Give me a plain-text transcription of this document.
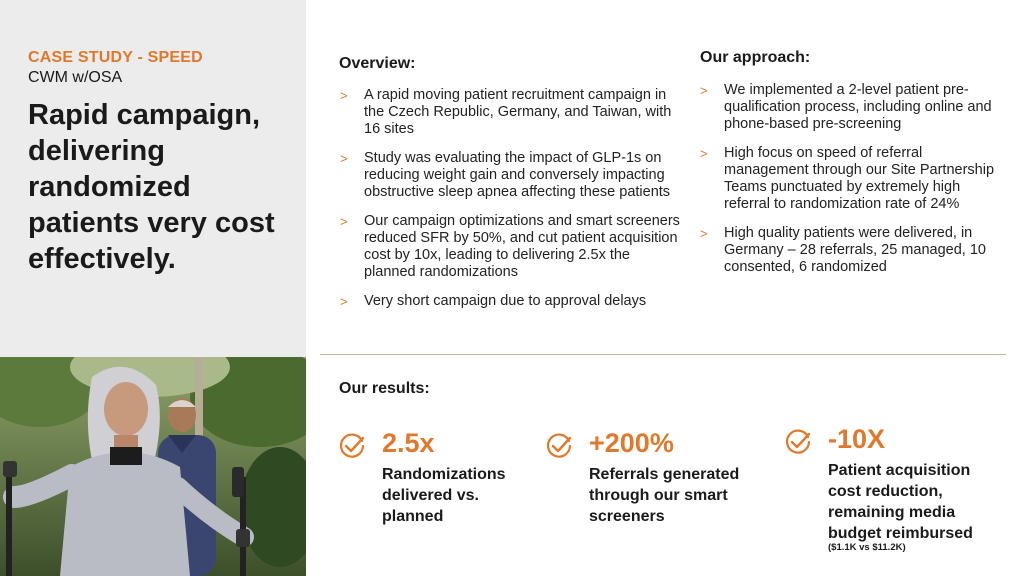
CASE STUDY - SPEED
CWM w/OSA
Rapid campaign, delivering randomized patients very cost effectively.
Overview:
> A rapid moving patient recruitment campaign in the Czech Republic, Germany, and Taiwan, with 16 sites
> Study was evaluating the impact of GLP-1s on reducing weight gain and conversely impacting obstructive sleep apnea affecting these patients
> Our campaign optimizations and smart screeners reduced SFR by 50%, and cut patient acquisition cost by 10x, leading to delivering 2.5x the planned randomizations
> Very short campaign due to approval delays
Our approach:
> We implemented a 2-level patient pre-qualification process, including online and phone-based pre-screening
> High focus on speed of referral management through our Site Partnership Teams punctuated by extremely high referral to randomization rate of 24%
> High quality patients were delivered, in Germany – 28 referrals, 25 managed, 10 consented, 6 randomized
Our results:
2.5x
Randomizations delivered vs. planned
+200%
Referrals generated through our smart screeners
-10X
Patient acquisition cost reduction, remaining media budget reimbursed
($1.1K vs $11.2K)
